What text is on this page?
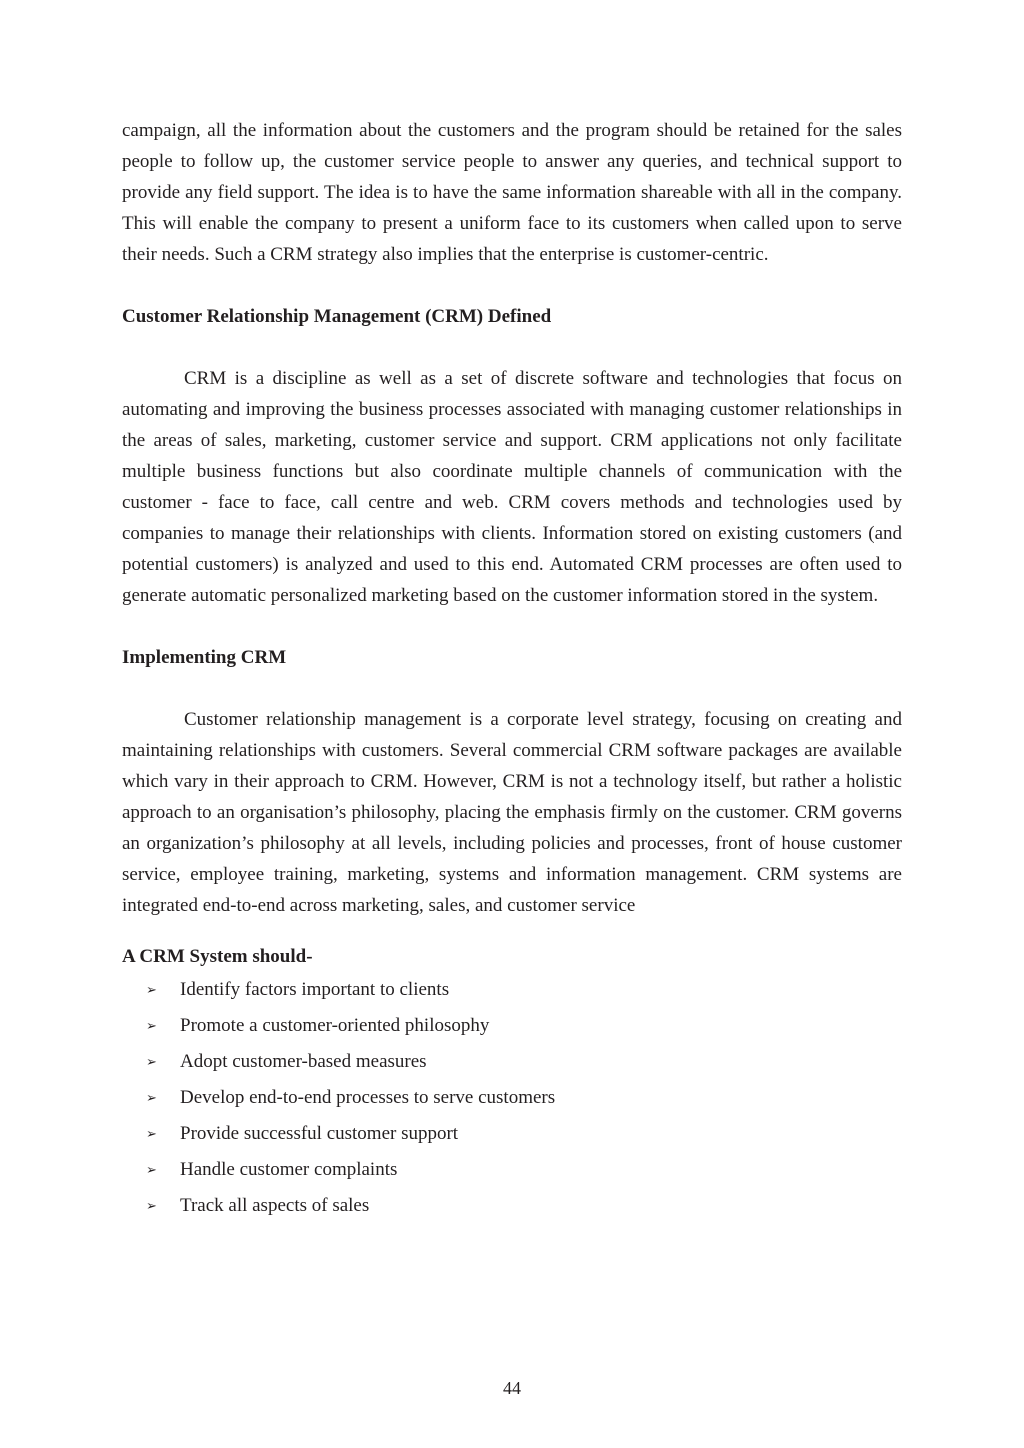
campaign, all the information about the customers and the program should be retained for the sales people to follow up, the customer service people to answer any queries, and technical support to provide any field support. The idea is to have the same information shareable with all in the company. This will enable the company to present a uniform face to its customers when called upon to serve their needs. Such a CRM strategy also implies that the enterprise is customer-centric.

Customer Relationship Management (CRM) Defined

CRM is a discipline as well as a set of discrete software and technologies that focus on automating and improving the business processes associated with managing customer relationships in the areas of sales, marketing, customer service and support. CRM applications not only facilitate multiple business functions but also coordinate multiple channels of communication with the customer - face to face, call centre and web. CRM covers methods and technologies used by companies to manage their relationships with clients. Information stored on existing customers (and potential customers) is analyzed and used to this end. Automated CRM processes are often used to generate automatic personalized marketing based on the customer information stored in the system.

Implementing CRM

Customer relationship management is a corporate level strategy, focusing on creating and maintaining relationships with customers. Several commercial CRM software packages are available which vary in their approach to CRM. However, CRM is not a technology itself, but rather a holistic approach to an organisation’s philosophy, placing the emphasis firmly on the customer. CRM governs an organization’s philosophy at all levels, including policies and processes, front of house customer service, employee training, marketing, systems and information management. CRM systems are integrated end-to-end across marketing, sales, and customer service

A CRM System should-
➢	Identify factors important to clients
➢	Promote a customer-oriented philosophy
➢	Adopt customer-based measures
➢	Develop end-to-end processes to serve customers
➢	Provide successful customer support
➢	Handle customer complaints
➢	Track all aspects of sales
44
